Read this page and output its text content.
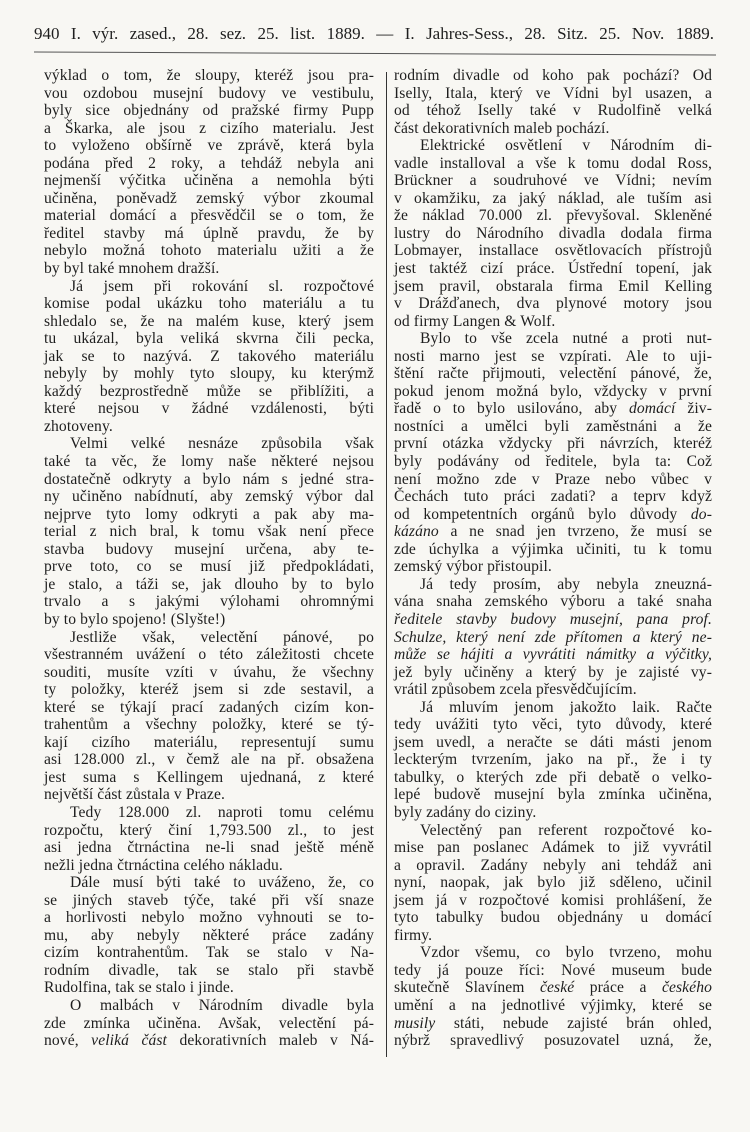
940 I. výr. zased., 28. sez. 25. list. 1889. — I. Jahres-Sess., 28. Sitz. 25. Nov. 1889.
výklad o tom, že sloupy, kteréž jsou pra-
vou ozdobou musejní budovy ve vestibulu,
byly sice objednány od pražské firmy Pupp
a Škarka, ale jsou z cizího materialu. Jest
to vyloženo obšírně ve zprávě, která byla
podána před 2 roky, a tehdáž nebyla ani
nejmenší výčitka učiněna a nemohla býti
učiněna, poněvadž zemský výbor zkoumal
material domácí a přesvědčil se o tom, že
ředitel stavby má úplně pravdu, že by
nebylo možná tohoto materialu užiti a že
by byl také mnohem dražší.
Já jsem při rokování sl. rozpočtové
komise podal ukázku toho materiálu a tu
shledalo se, že na malém kuse, který jsem
tu ukázal, byla veliká skvrna čili pecka,
jak se to nazývá. Z takového materiálu
nebyly by mohly tyto sloupy, ku kterýmž
každý bezprostředně může se přiblížiti, a
které nejsou v žádné vzdálenosti, býti
zhotoveny.
Velmi velké nesnáze způsobila však
také ta věc, že lomy naše některé nejsou
dostatečně odkryty a bylo nám s jedné stra-
ny učiněno nabídnutí, aby zemský výbor dal
nejprve tyto lomy odkryti a pak aby ma-
terial z nich bral, k tomu však není přece
stavba budovy musejní určena, aby te-
prve toto, co se musí již předpokládati,
je stalo, a táži se, jak dlouho by to bylo
trvalo a s jakými výlohami ohromnými
by to bylo spojeno! (Slyšte!)
Jestliže však, velectění pánové, po
všestranném uvážení o této záležitosti chcete
souditi, musíte vzíti v úvahu, že všechny
ty položky, kteréž jsem si zde sestavil, a
které se týkají prací zadaných cizím kon-
trahentům a všechny položky, které se tý-
kají cizího materiálu, representují sumu
asi 128.000 zl., v čemž ale na př. obsažena
jest suma s Kellingem ujednaná, z které
největší část zůstala v Praze.
Tedy 128.000 zl. naproti tomu celému
rozpočtu, který činí 1,793.500 zl., to jest
asi jedna čtrnáctina ne-li snad ještě méně
nežli jedna čtrnáctina celého nákladu.
Dále musí býti také to uváženo, že, co
se jiných staveb týče, také při vší snaze
a horlivosti nebylo možno vyhnouti se to-
mu, aby nebyly některé práce zadány
cizím kontrahentům. Tak se stalo v Na-
rodním divadle, tak se stalo při stavbě
Rudolfina, tak se stalo i jinde.
O malbách v Národním divadle byla
zde zmínka učiněna. Avšak, velectění pá-
nové, veliká část dekorativních maleb v Ná-
rodním divadle od koho pak pochází? Od
Iselly, Itala, který ve Vídni byl usazen, a
od téhož Iselly také v Rudolfině velká
část dekorativních maleb pochází.
Elektrické osvětlení v Národním di-
vadle installoval a vše k tomu dodal Ross,
Brückner a soudruhové ve Vídni; nevím
v okamžiku, za jaký náklad, ale tuším asi
že náklad 70.000 zl. převyšoval. Skleněné
lustry do Národního divadla dodala firma
Lobmayer, installace osvětlovacích přístrojů
jest taktéž cizí práce. Ústřední topení, jak
jsem pravil, obstarala firma Emil Kelling
v Drážďanech, dva plynové motory jsou
od firmy Langen & Wolf.
Bylo to vše zcela nutné a proti nut-
nosti marno jest se vzpírati. Ale to uji-
štění račte přijmouti, velectění pánové, že,
pokud jenom možná bylo, vždycky v první
řadě o to bylo usilováno, aby domácí živ-
nostníci a umělci byli zaměstnáni a že
první otázka vždycky při návrzích, kteréž
byly podávány od ředitele, byla ta: Což
není možno zde v Praze nebo vůbec v
Čechách tuto práci zadati? a teprv když
od kompetentních orgánů bylo důvody do-
kázáno a ne snad jen tvrzeno, že musí se
zde úchylka a výjimka učiniti, tu k tomu
zemský výbor přistoupil.
Já tedy prosím, aby nebyla zneuzná-
vána snaha zemského výboru a také snaha
ředitele stavby budovy musejní, pana prof.
Schulze, který není zde přítomen a který ne-
může se hájiti a vyvrátiti námitky a výčitky,
jež byly učiněny a který by je zajisté vy-
vrátil způsobem zcela přesvědčujícím.
Já mluvím jenom jakožto laik. Račte
tedy uvážiti tyto věci, tyto důvody, které
jsem uvedl, a neračte se dáti másti jenom
leckterým tvrzením, jako na př., že i ty
tabulky, o kterých zde při debatě o velko-
lepé budově musejní byla zmínka učiněna,
byly zadány do ciziny.
Velectěný pan referent rozpočtové ko-
mise pan poslanec Adámek to již vyvrátil
a opravil. Zadány nebyly ani tehdáž ani
nyní, naopak, jak bylo již sděleno, učinil
jsem já v rozpočtové komisi prohlášení, že
tyto tabulky budou objednány u domácí
firmy.
Vzdor všemu, co bylo tvrzeno, mohu
tedy já pouze říci: Nové museum bude
skutečně Slavínem české práce a českého
umění a na jednotlivé výjimky, které se
musily státi, nebude zajisté brán ohled,
nýbrž spravedlivý posuzovatel uzná, že,
